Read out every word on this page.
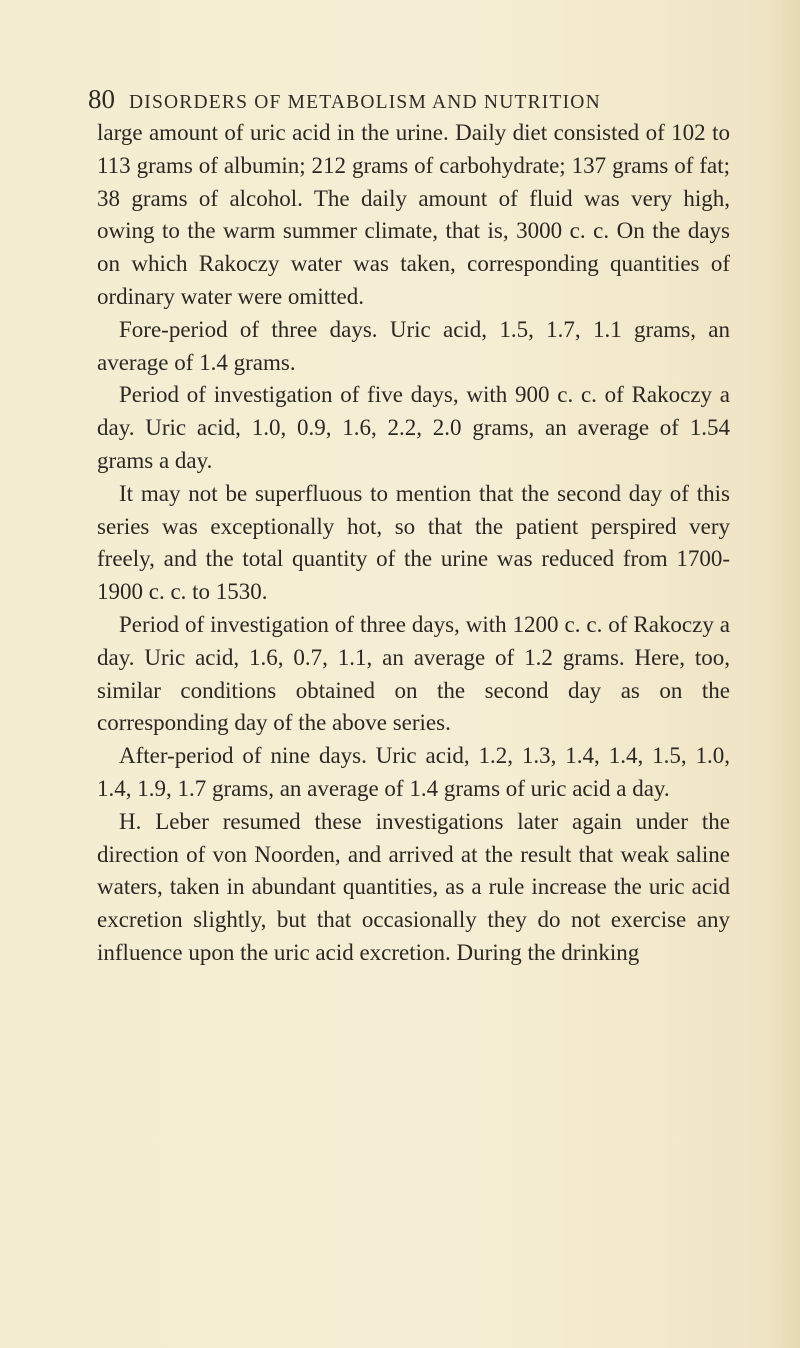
80 DISORDERS OF METABOLISM AND NUTRITION

large amount of uric acid in the urine. Daily diet consisted of 102 to 113 grams of albumin; 212 grams of carbohydrate; 137 grams of fat; 38 grams of alcohol. The daily amount of fluid was very high, owing to the warm summer climate, that is, 3000 c. c. On the days on which Rakoczy water was taken, corresponding quantities of ordinary water were omitted.

Fore-period of three days. Uric acid, 1.5, 1.7, 1.1 grams, an average of 1.4 grams.

Period of investigation of five days, with 900 c. c. of Rakoczy a day. Uric acid, 1.0, 0.9, 1.6, 2.2, 2.0 grams, an average of 1.54 grams a day.

It may not be superfluous to mention that the second day of this series was exceptionally hot, so that the patient perspired very freely, and the total quantity of the urine was reduced from 1700-1900 c. c. to 1530.

Period of investigation of three days, with 1200 c. c. of Rakoczy a day. Uric acid, 1.6, 0.7, 1.1, an average of 1.2 grams. Here, too, similar conditions obtained on the second day as on the corresponding day of the above series.

After-period of nine days. Uric acid, 1.2, 1.3, 1.4, 1.4, 1.5, 1.0, 1.4, 1.9, 1.7 grams, an average of 1.4 grams of uric acid a day.

H. Leber resumed these investigations later again under the direction of von Noorden, and arrived at the result that weak saline waters, taken in abundant quantities, as a rule increase the uric acid excretion slightly, but that occasionally they do not exercise any influence upon the uric acid excretion. During the drinking
